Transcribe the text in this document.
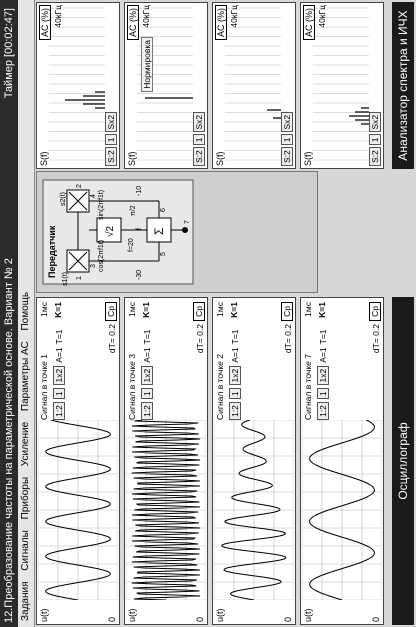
12.Преобразование частоты на параметрической основе. Вариант № 2
Таймер [00:02:47]
Задания Сигналы Приборы Усиление Параметры АС Помощь
u(t)	0
Сигнал в точке 1
1мс
1:211x2A=1T=1
K=1
dT= 0.2
Cp
u(t)	0
Сигнал в точке 3
1мс
1:211x2A=1T=1
K=1
dT= 0.2
Cp
u(t)	0
Сигнал в точке 2
1мс
1:211x2A=1T=1
K=1
dT= 0.2
Cp
u(t)	0
Сигнал в точке 7
1мс
1:211x2A=1T=1
K=1
dT= 0.2
Cp
Осциллограф
Передатчик	√2	Σ
s1(t)
s2(t)
f=20
cos(2πf1t)
sin(2πf1t)
-30
-10
π/2
f
1
2
3
4
5
6
7
S(f)
AC (%) 40кГц
S:21Sx2
S(f)
AC (%) 40кГц
Нормировка
S:21Sx2
S(f)
AC (%) 40кГц
S:21Sx2
S(f)
AC (%) 40кГц
S:21Sx2	Анализатор спектра и ИЧХ
